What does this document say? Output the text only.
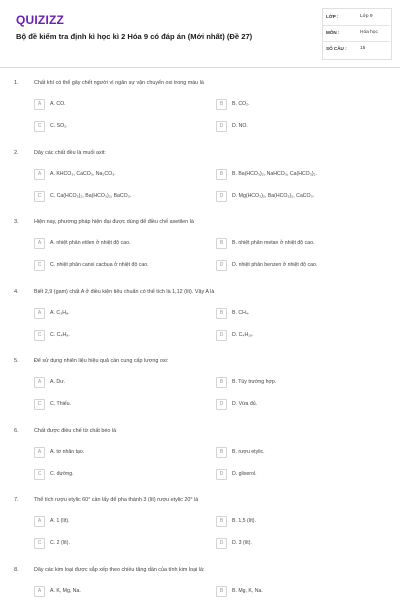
QUIZIZZ
Bộ đề kiểm tra định kì học kì 2 Hóa 9 có đáp án (Mới nhất) (Đề 27)
LỚP :	Lớp 9
MÔN :	Hóa học
SỐ CÂU :	15
1.	Chất khí có thể gây chết người vì ngăn sự vận chuyển oxi trong máu là
A	A. CO.	B	B. CO₂.
C	C. SO₂.	D	D. NO.
2.	Dãy các chất đều là muối axit:
A	A. KHCO₃, CaCO₃, Na₂CO₃.	B	B. Ba(HCO₃)₂, NaHCO₃, Ca(HCO₃)₂.
C	C. Ca(HCO₃)₂, Ba(HCO₃)₂, BaCO₃.	D	D. Mg(HCO₃)₂, Ba(HCO₃)₂, CaCO₃.
3.	Hiện nay, phương pháp hiện đại được dùng để điều chế axetilen là
A	A. nhiệt phân etilen ở nhiệt độ cao.	B	B. nhiệt phân metan ở nhiệt độ cao.
C	C. nhiệt phân canxi cacbua ở nhiệt độ cao.	D	D. nhiệt phân benzen ở nhiệt độ cao.
4.	Biết 2,9 (gam) chất A ở điều kiện tiêu chuẩn có thể tích là 1,12 (lít). Vậy A là
A	A. C₃H₈.	B	B. CH₄.
C	C. C₄H₈.	D	D. C₄H₁₀.
5.	Để sử dụng nhiên liệu hiệu quả cần cung cấp lượng oxi:
A	A. Dư.	B	B. Tùy trường hợp.
C	C. Thiếu.	D	D. Vừa đủ.
6.	Chất được điều chế từ chất béo là
A	A. tơ nhân tạo.	B	B. rượu etylic.
C	C. đường.	D	D. glixerol.
7.	Thể tích rượu etylic 60° cần lấy để pha thành 3 (lít) rượu etylic 20° là
A	A. 1 (lít).	B	B. 1,5 (lít).
C	C. 2 (lít).	D	D. 3 (lít).
8.	Dãy các kim loại được sắp xếp theo chiều tăng dần của tính kim loại là:
A	A. K, Mg, Na.	B	B. Mg, K, Na.
